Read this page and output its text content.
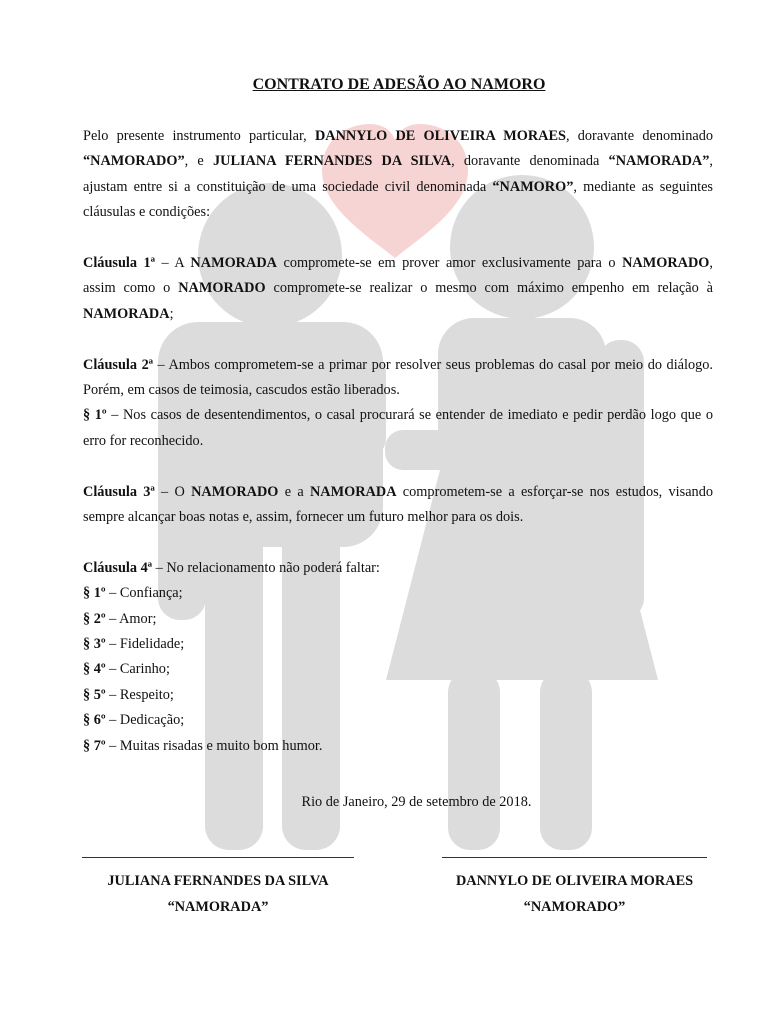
CONTRATO DE ADESÃO AO NAMORO

Pelo presente instrumento particular, DANNYLO DE OLIVEIRA MORAES, doravante denominado “NAMORADO”, e JULIANA FERNANDES DA SILVA, doravante denominada “NAMORADA”, ajustam entre si a constituição de uma sociedade civil denominada “NAMORO”, mediante as seguintes cláusulas e condições:

Cláusula 1ª – A NAMORADA compromete-se em prover amor exclusivamente para o NAMORADO, assim como o NAMORADO compromete-se realizar o mesmo com máximo empenho em relação à NAMORADA;

Cláusula 2ª – Ambos comprometem-se a primar por resolver seus problemas do casal por meio do diálogo. Porém, em casos de teimosia, cascudos estão liberados.

§ 1º – Nos casos de desentendimentos, o casal procurará se entender de imediato e pedir perdão logo que o erro for reconhecido.

Cláusula 3ª – O NAMORADO e a NAMORADA comprometem-se a esforçar-se nos estudos, visando sempre alcançar boas notas e, assim, fornecer um futuro melhor para os dois.

Cláusula 4ª – No relacionamento não poderá faltar:

§ 1º – Confiança;

§ 2º – Amor;

§ 3º – Fidelidade;

§ 4º – Carinho;

§ 5º – Respeito;

§ 6º – Dedicação;

§ 7º – Muitas risadas e muito bom humor.

Rio de Janeiro, 29 de setembro de 2018.

JULIANA FERNANDES DA SILVA
“NAMORADA”
DANNYLO DE OLIVEIRA MORAES
“NAMORADO”
